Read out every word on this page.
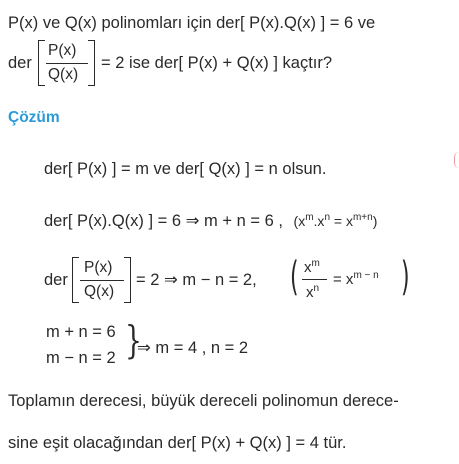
P(x) ve Q(x) polinomları için der[ P(x).Q(x) ] = 6 ve
der
P(x)
Q(x)
= 2 ise der[ P(x) + Q(x) ] kaçtır?
Çözüm
der[ P(x) ] = m ve der[ Q(x) ] = n olsun.
der[ P(x).Q(x) ] = 6 ⇒ m + n = 6 , $(x^m.x^n = x^{m+n})$
der
P(x)
Q(x)
= 2 ⇒ m − n = 2, ( $x^m$
$x^n$
= $x^{m - n}$ )
m + n = 6
m − n = 2 }
⇒ m = 4 , n = 2
Toplamın derecesi, büyük dereceli polinomun derece-
sine eşit olacağından der[ P(x) + Q(x) ] = 4 tür.
